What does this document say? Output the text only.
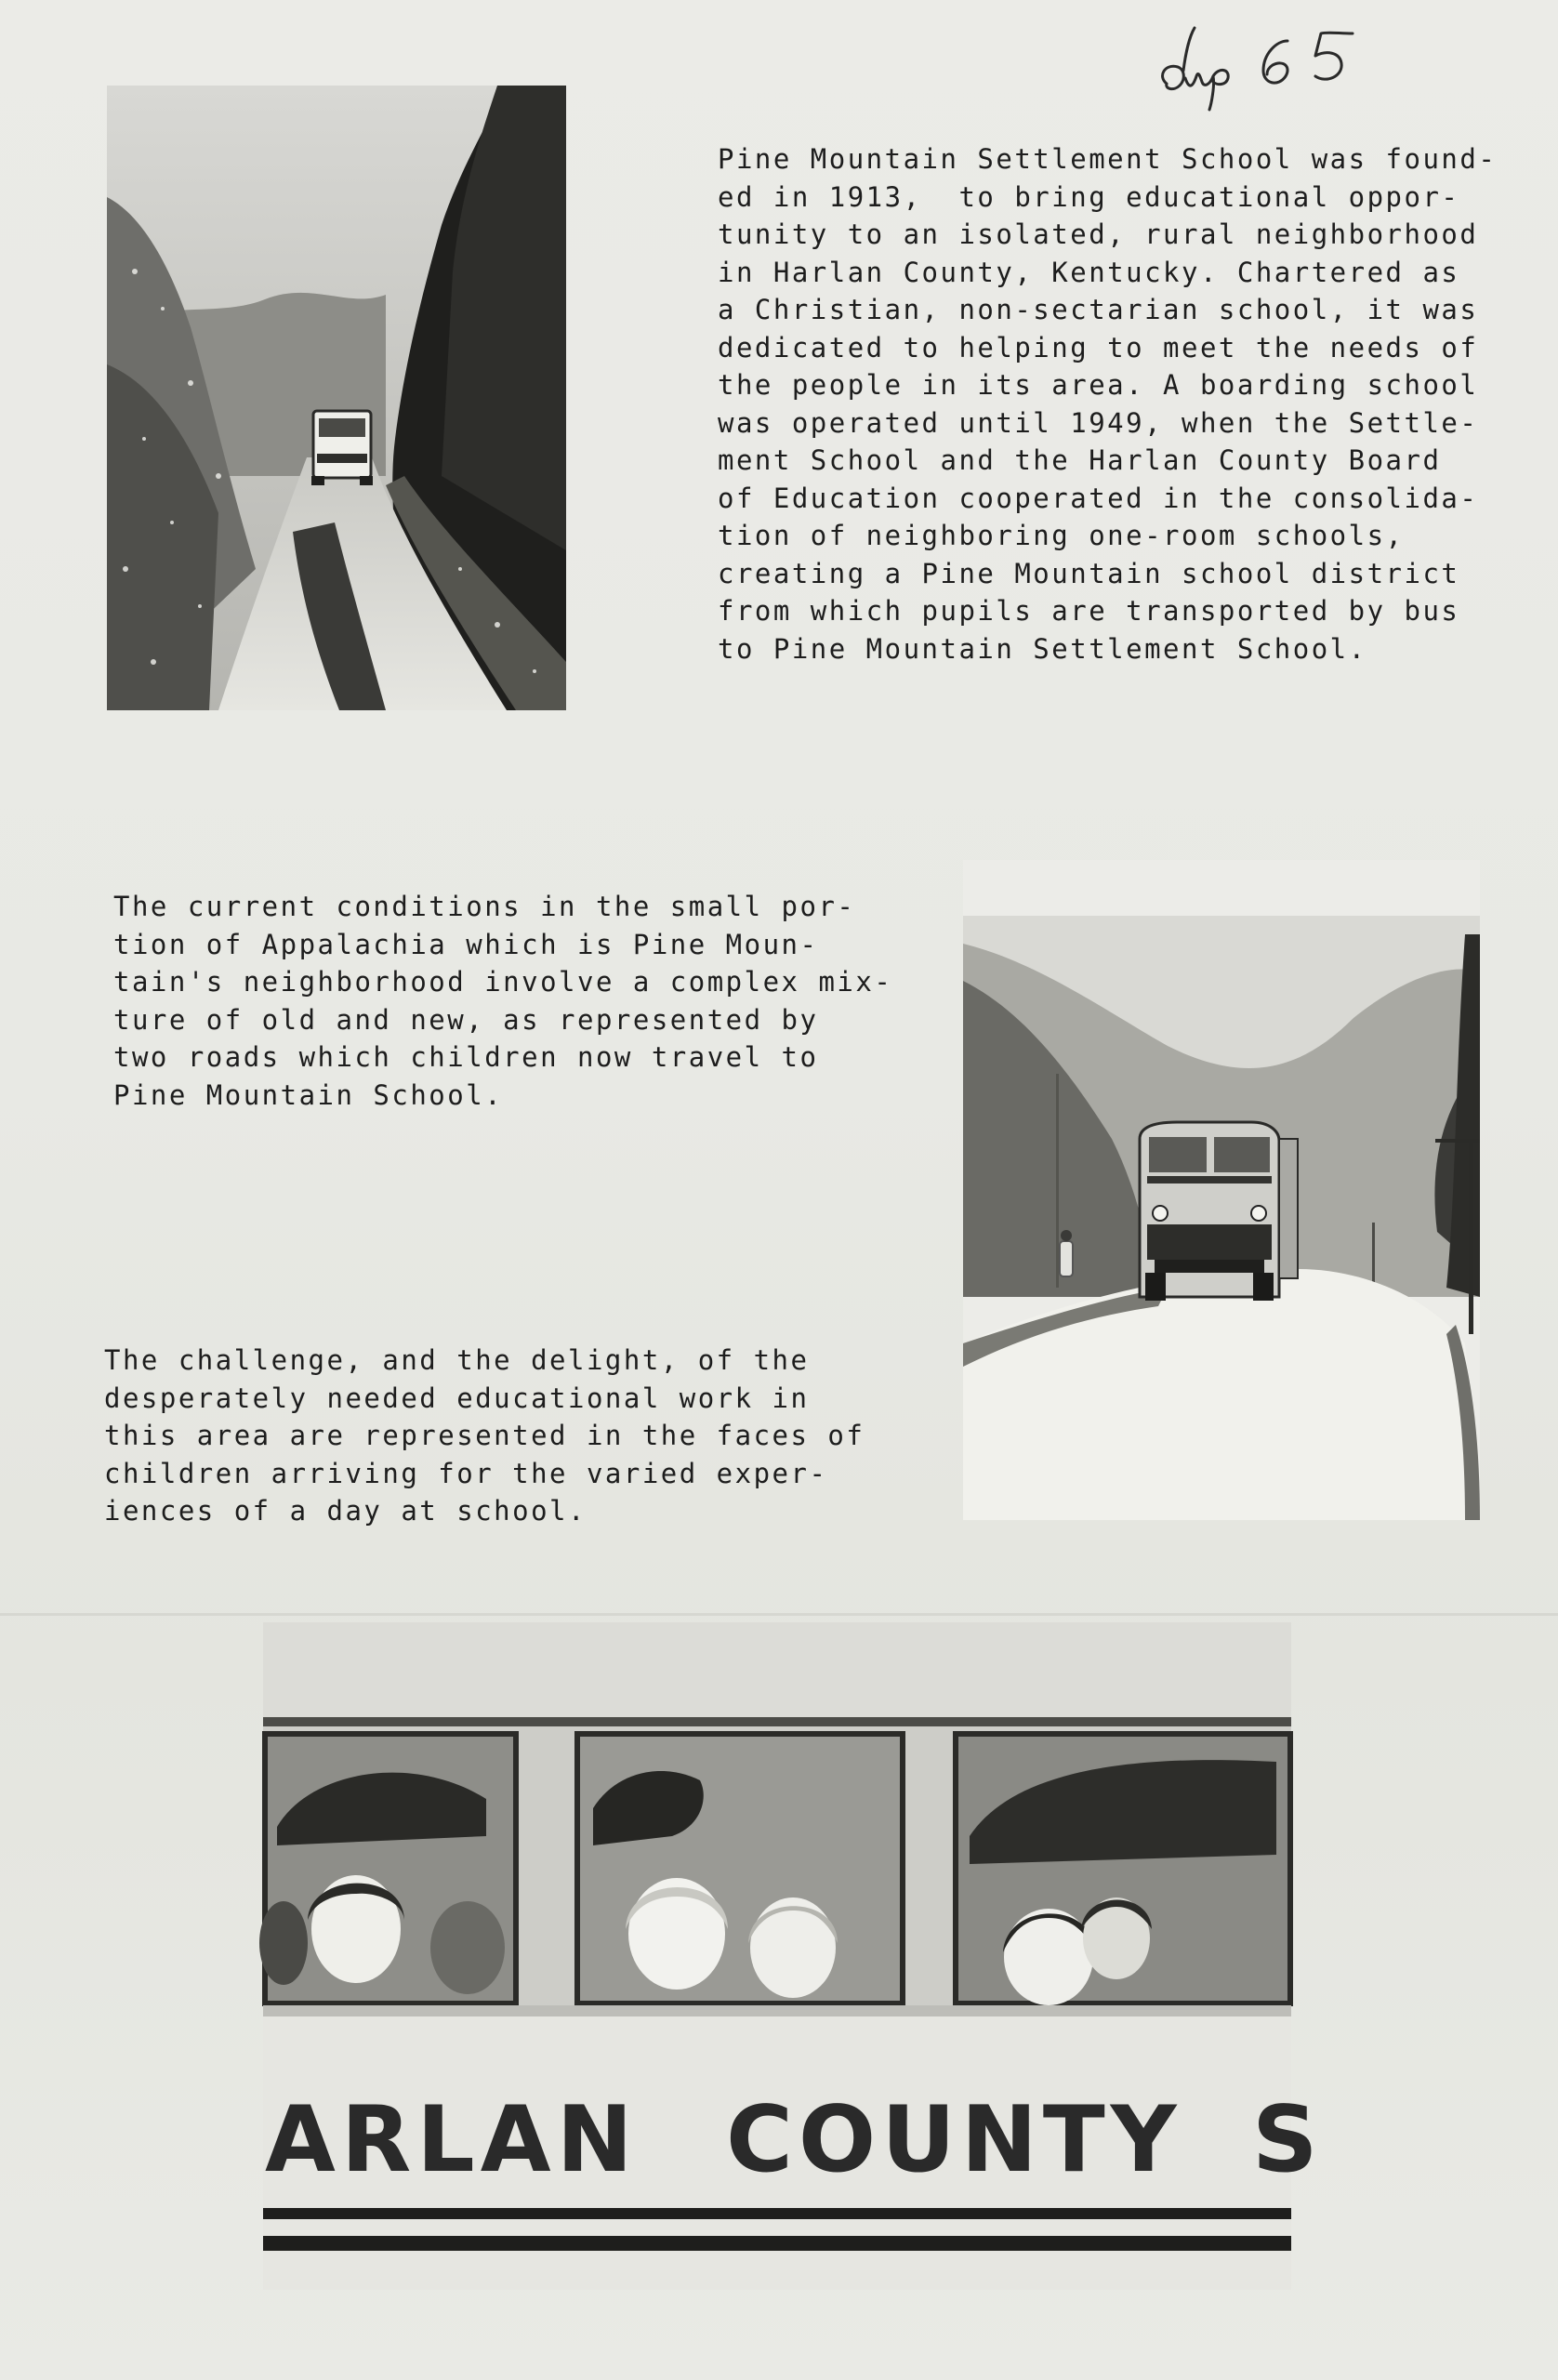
dup 65
Pine Mountain Settlement School was found-
ed in 1913,  to bring educational oppor-
tunity to an isolated, rural neighborhood
in Harlan County, Kentucky. Chartered as
a Christian, non-sectarian school, it was
dedicated to helping to meet the needs of
the people in its area. A boarding school
was operated until 1949, when the Settle-
ment School and the Harlan County Board
of Education cooperated in the consolida-
tion of neighboring one-room schools,
creating a Pine Mountain school district
from which pupils are transported by bus
to Pine Mountain Settlement School.
The current conditions in the small por-
tion of Appalachia which is Pine Moun-
tain's neighborhood involve a complex mix-
ture of old and new, as represented by
two roads which children now travel to
Pine Mountain School.
The challenge, and the delight, of the
desperately needed educational work in
this area are represented in the faces of
children arriving for the varied exper-
iences of a day at school.
ARLAN COUNTY S
